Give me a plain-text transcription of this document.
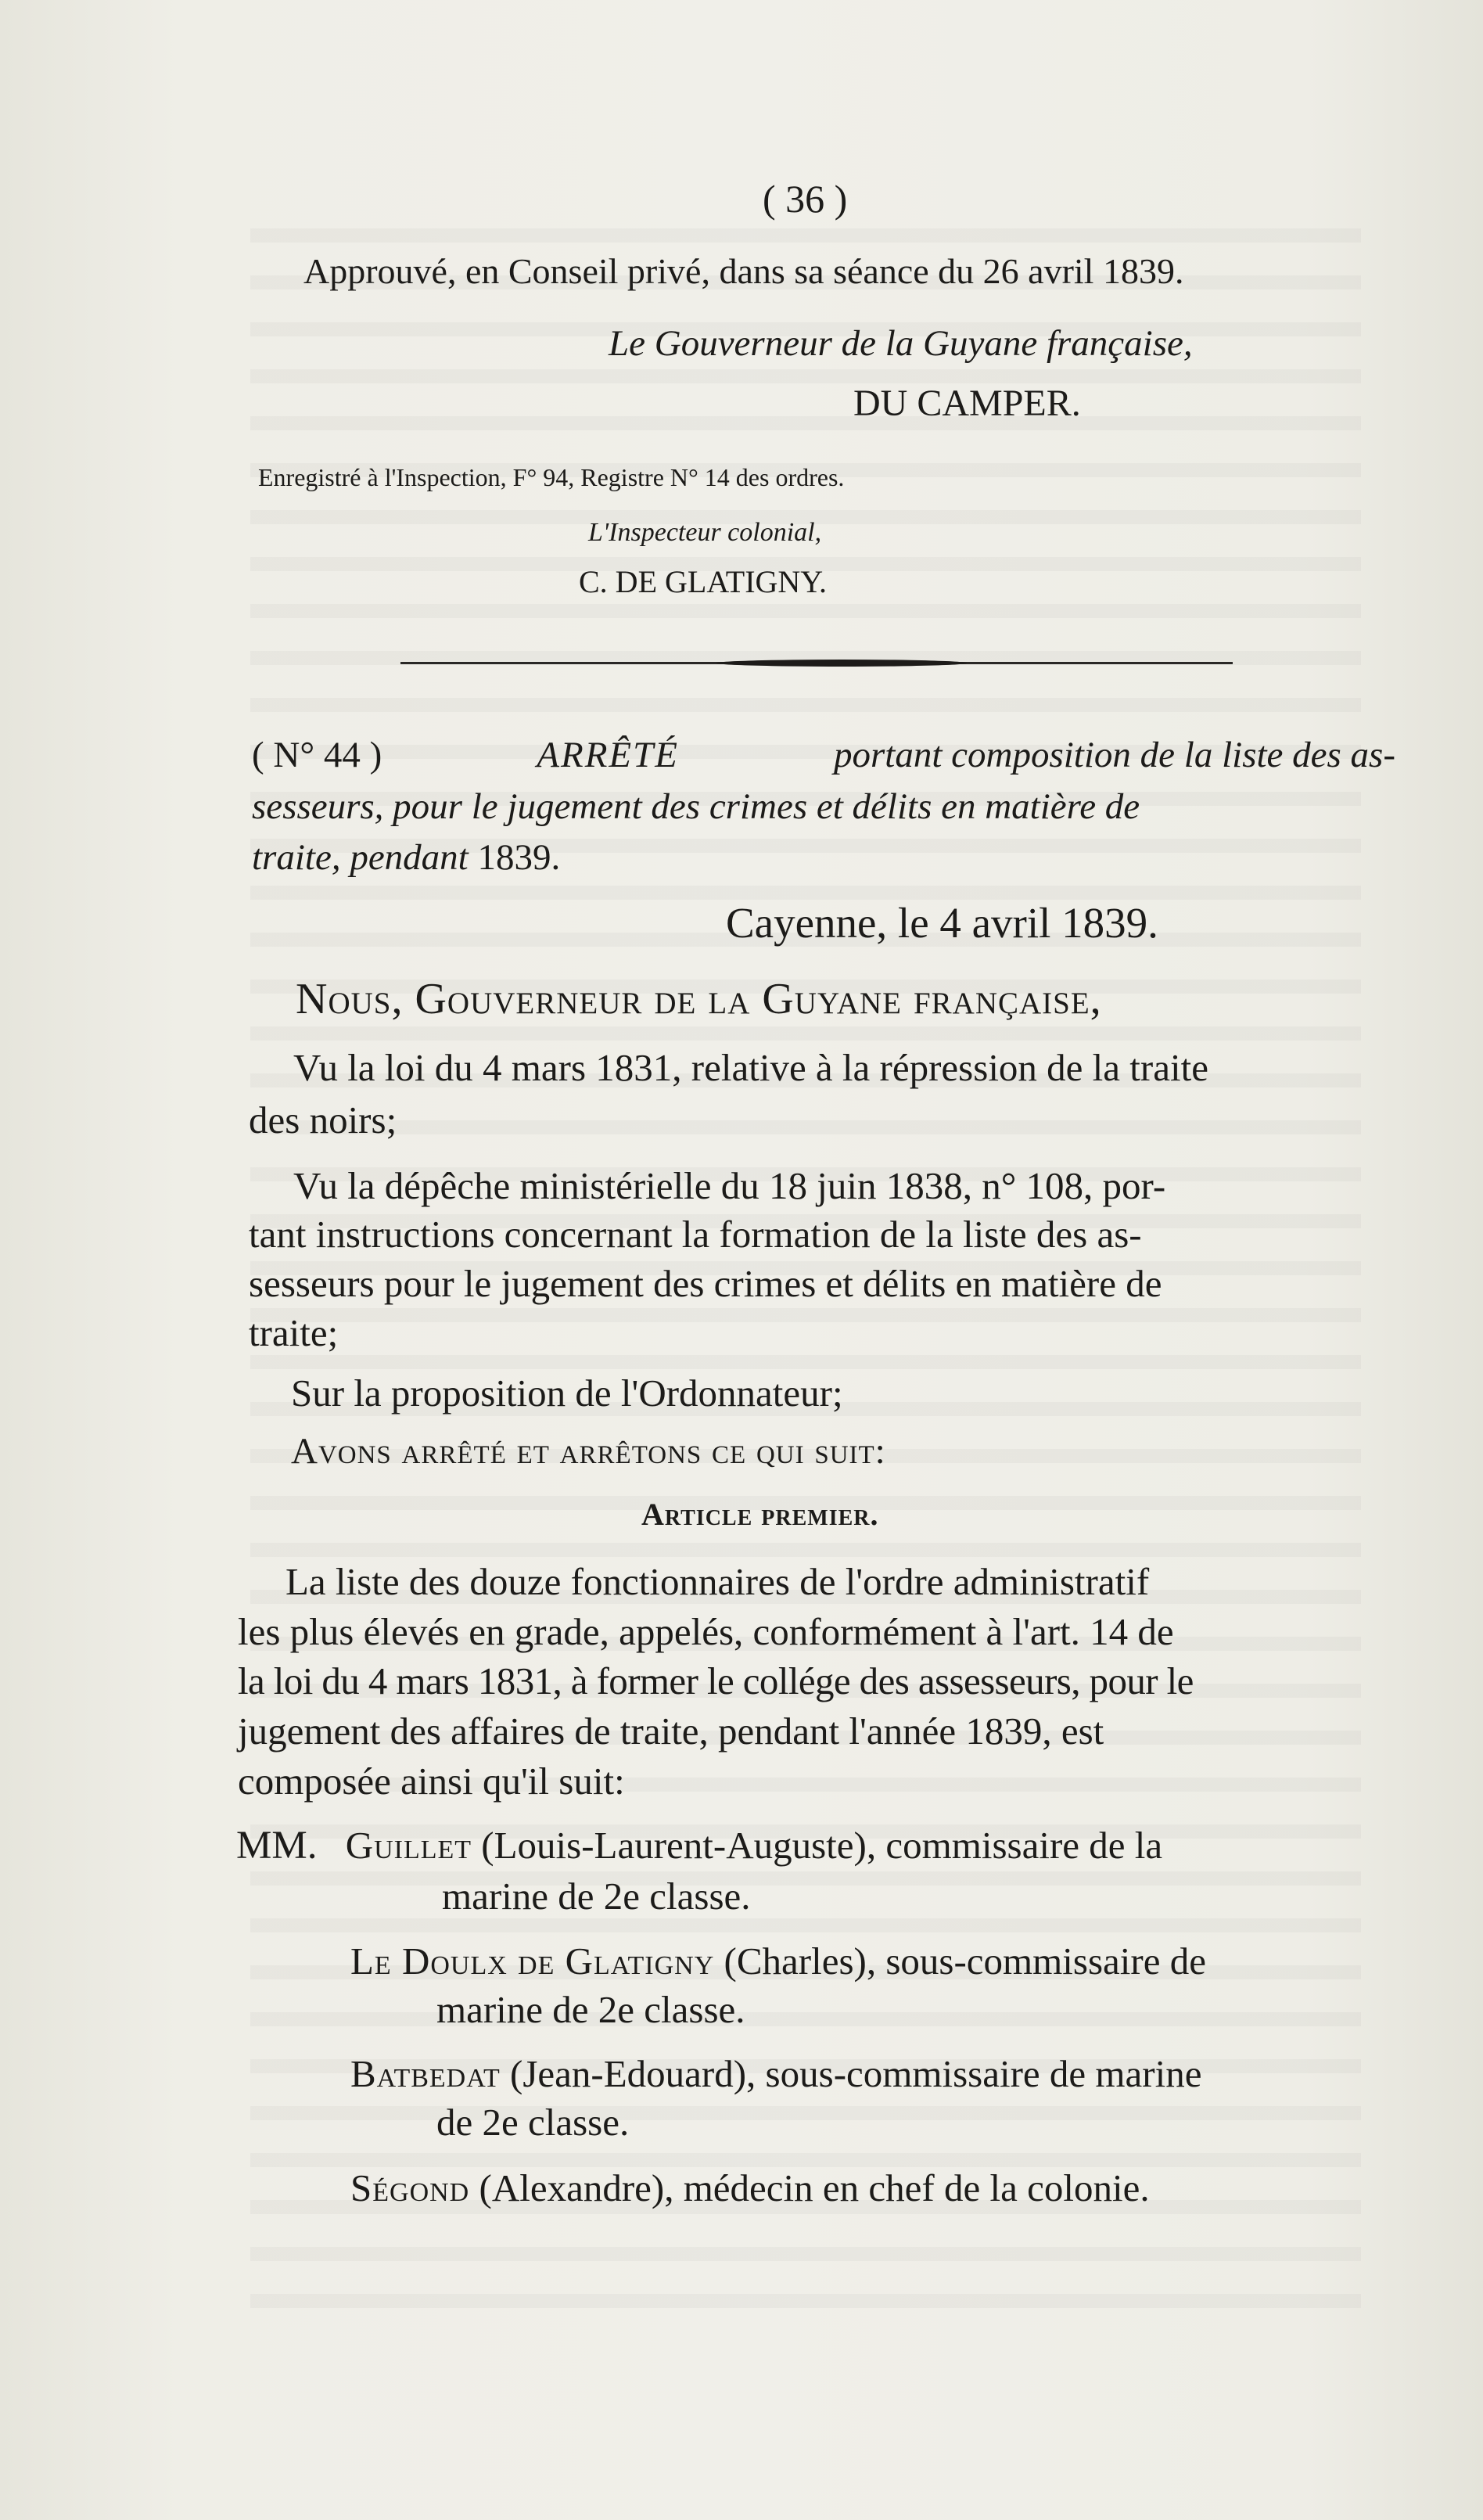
( 36 )
Approuvé, en Conseil privé, dans sa séance du 26 avril 1839.
Le Gouverneur de la Guyane française,
DU CAMPER.
Enregistré à l'Inspection, F° 94, Registre N° 14 des ordres.
L'Inspecteur colonial,
C. DE GLATIGNY.
( N° 44 )	ARRÊTÉ	portant composition de la liste des as-
sesseurs, pour le jugement des crimes et délits en matière de
traite, pendant 1839.
Cayenne, le 4 avril 1839.
Nous, Gouverneur de la Guyane française,
Vu la loi du 4 mars 1831, relative à la répression de la traite
des noirs;
Vu la dépêche ministérielle du 18 juin 1838, n° 108, por-
tant instructions concernant la formation de la liste des as-
sesseurs pour le jugement des crimes et délits en matière de
traite;
Sur la proposition de l'Ordonnateur;
Avons arrêté et arrêtons ce qui suit:
Article premier.
La liste des douze fonctionnaires de l'ordre administratif
les plus élevés en grade, appelés, conformément à l'art. 14 de
la loi du 4 mars 1831, à former le collége des assesseurs, pour le
jugement des affaires de traite, pendant l'année 1839, est
composée ainsi qu'il suit:
MM. Guillet (Louis-Laurent-Auguste), commissaire de la
marine de 2e classe.
Le Doulx de Glatigny (Charles), sous-commissaire de
marine de 2e classe.
Batbedat (Jean-Edouard), sous-commissaire de marine
de 2e classe.
Ségond (Alexandre), médecin en chef de la colonie.
